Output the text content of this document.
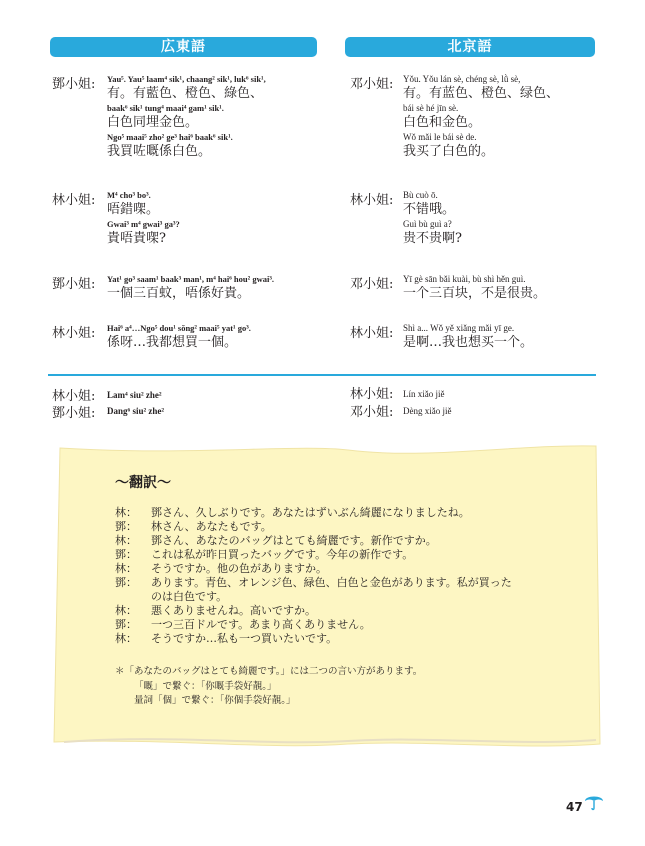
広東語	北京語
鄧小姐: Yau⁵. Yau⁵ laam⁴ sik¹, chaang² sik¹, luk⁶ sik¹,
有。有藍色、橙色、綠色、
baak⁶ sik¹ tung⁴ maai⁴ gam¹ sik¹.
白色同埋金色。
Ngo⁵ maai⁵ zho² ge³ hai⁶ baak⁶ sik¹.
我買咗嘅係白色。
林小姐: M⁴ cho³ bo³.
唔錯㗎。
Gwai³ m⁴ gwai³ ga³?
貴唔貴㗎?
鄧小姐: Yat¹ go³ saam¹ baak³ man¹, m⁴ hai⁶ hou² gwai³.
一個三百蚊，唔係好貴。
林小姐: Hai⁶ a⁴…Ngo⁵ dou¹ sŏng² maai⁵ yat¹ go³.
係呀…我都想買一個。
邓小姐: Yǒu. Yǒu lán sè, chéng sè, lǜ sè,
有。有蓝色、橙色、绿色、
bái sè hé jīn sè.
白色和金色。
Wǒ mǎi le bái sè de.
我买了白色的。
林小姐: Bù cuò ō.
不错哦。
Guì bù guì a?
贵不贵啊?
邓小姐: Yī gè sān bǎi kuài, bù shì hěn guì.
一个三百块，不是很贵。
林小姐: Shì a... Wǒ yě xiǎng mǎi yī ge.
是啊…我也想买一个。
林小姐: Lam⁴ siu² zhe²
鄧小姐: Dang⁶ siu² zhe²
林小姐: Lín xiǎo jiě
邓小姐: Dèng xiǎo jiě
〜翻訳〜
林： 鄧さん、久しぶりです。あなたはずいぶん綺麗になりましたね。
鄧： 林さん、あなたもです。
林： 鄧さん、あなたのバッグはとても綺麗です。新作ですか。
鄧： これは私が昨日買ったバッグです。今年の新作です。
林： そうですか。他の色がありますか。
鄧： あります。青色、オレンジ色、緑色、白色と金色があります。私が買った
のは白色です。
林： 悪くありませんね。高いですか。
鄧： 一つ三百ドルです。あまり高くありません。
林： そうですか…私も一つ買いたいです。
＊「あなたのバッグはとても綺麗です。」には二つの言い方があります。
「嘅」で繋ぐ：「你嘅手袋好靚。」
量詞「個」で繋ぐ：「你個手袋好靚。」
47
